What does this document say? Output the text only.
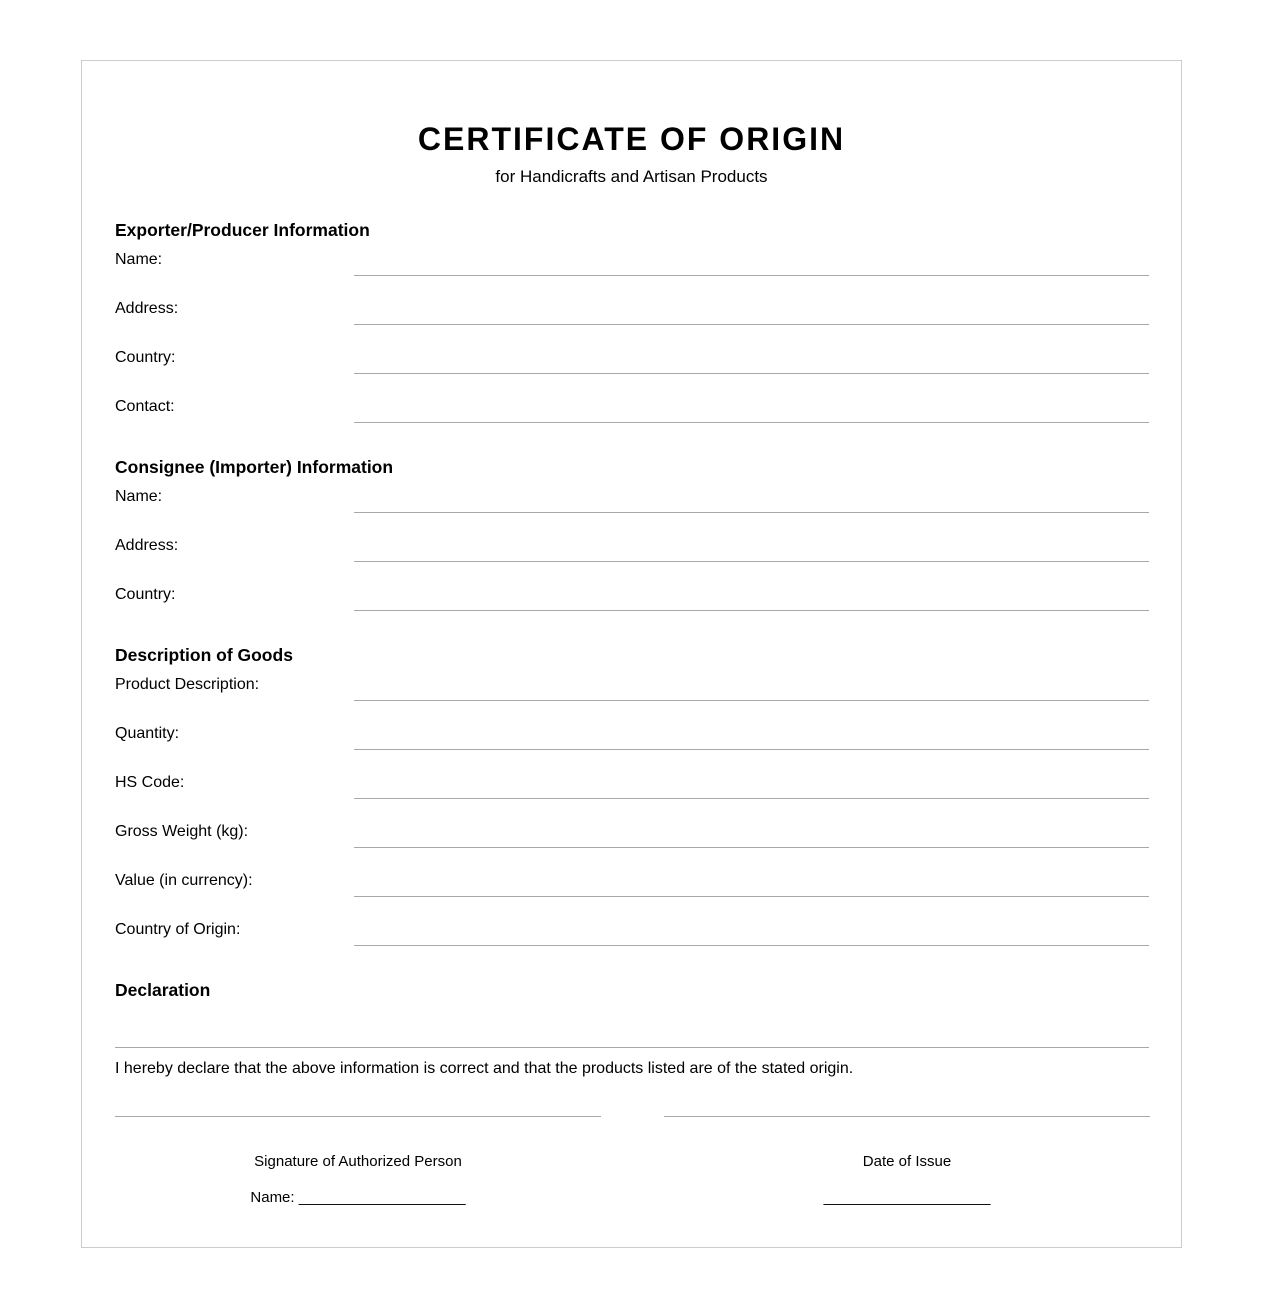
CERTIFICATE OF ORIGIN
for Handicrafts and Artisan Products
Exporter/Producer Information
Name:
Address:
Country:
Contact:
Consignee (Importer) Information
Name:
Address:
Country:
Description of Goods
Product Description:
Quantity:
HS Code:
Gross Weight (kg):
Value (in currency):
Country of Origin:
Declaration
I hereby declare that the above information is correct and that the products listed are of the stated origin.
Signature of Authorized Person	Date of Issue
Name: ____________________	____________________
